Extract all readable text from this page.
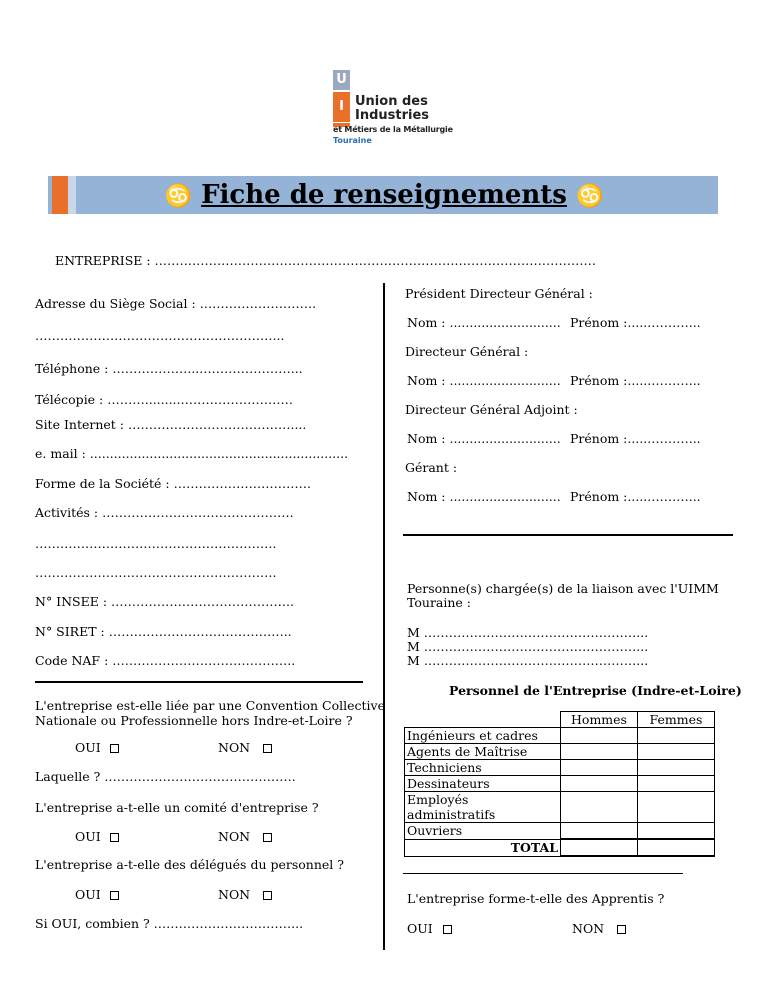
U
I Union des
Industries
et Métiers de la Métallurgie
Touraine
♋ Fiche de renseignements ♋
ENTREPRISE : ……………………………………………………………….……………………………
Adresse du Siège Social : ……………………….
…………………………………………………...
Téléphone : ………………....…………………...
Télécopie : ……….........………………………
Site Internet : …………………………………....
e. mail : .................................................................
Forme de la Société : ……………………………
Activités : ……………………………………….
………………………………………………….
………………………………………………….
N° INSEE : ……………………………………..
N° SIRET : ……………………………………..
Code NAF : ……………………………………..
L'entreprise est-elle liée par une Convention Collective
Nationale ou Professionnelle hors Indre-et-Loire ?
OUI	NON
Laquelle ? ……………………………………….
L'entreprise a-t-elle un comité d'entreprise ?
OUI	NON
L'entreprise a-t-elle des délégués du personnel ?
OUI	NON
Si OUI, combien ? ……………………………...
Président Directeur Général :
Nom : ............................ Prénom :......………...
Directeur Général :
Nom : ............................ Prénom :......………...
Directeur Général Adjoint :
Nom : ............................ Prénom :......………...
Gérant :
Nom : ............................ Prénom :......………...
Personne(s) chargée(s) de la liaison avec l'UIMM
Touraine :
M ……………………………………………...
M ……………………………………………...
M ……………………………………………...
Personnel de l'Entreprise (Indre-et-Loire)
	Hommes	Femmes
Ingénieurs et cadres		
Agents de Maîtrise		
Techniciens		
Dessinateurs		
Employés administratifs		
Ouvriers		
TOTAL		
L'entreprise forme-t-elle des Apprentis ?
OUI	NON
